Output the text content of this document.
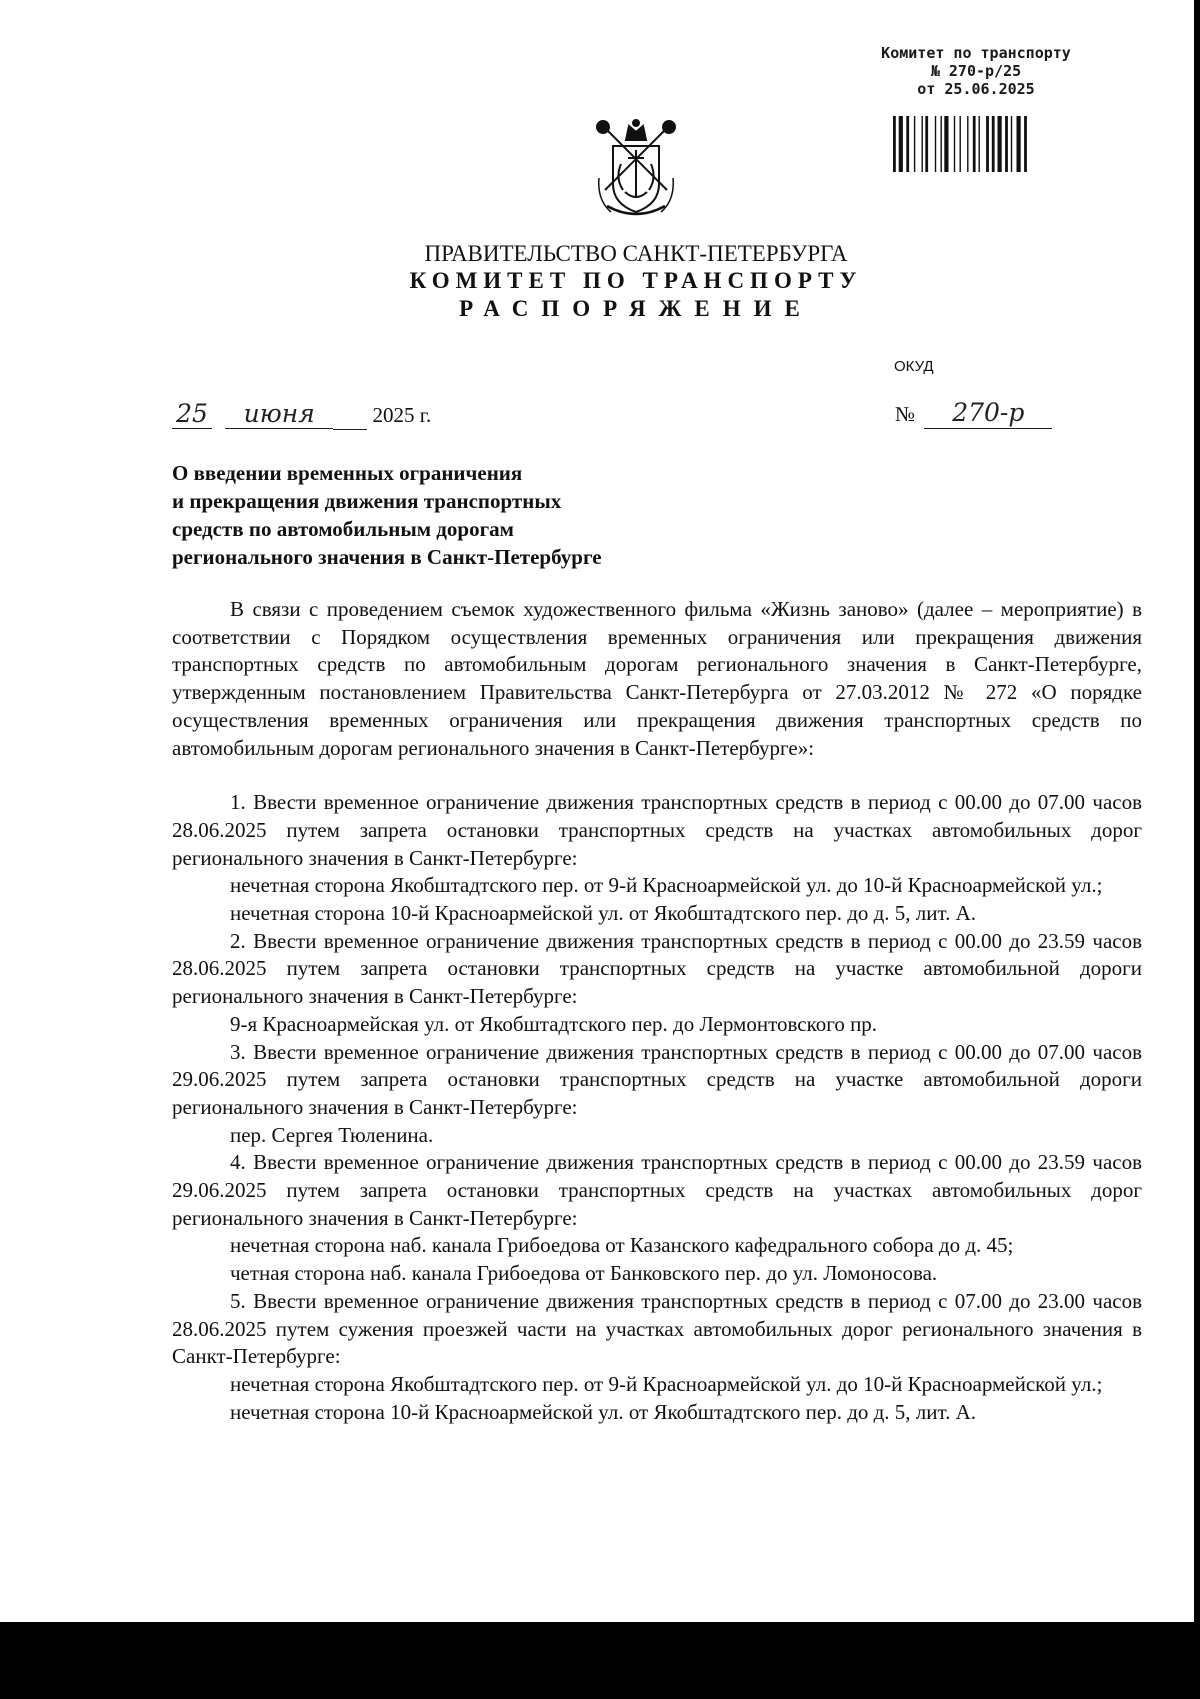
Комитет по транспорту
№ 270-р/25
от 25.06.2025
ПРАВИТЕЛЬСТВО САНКТ-ПЕТЕРБУРГА
КОМИТЕТ ПО ТРАНСПОРТУ
РАСПОРЯЖЕНИЕ
ОКУД
25 июня	2025 г.	№ 270-р
О введении временных ограничения
и прекращения движения транспортных
средств по автомобильным дорогам
регионального значения в Санкт-Петербурге

В связи с проведением съемок художественного фильма «Жизнь заново» (далее – мероприятие) в соответствии с Порядком осуществления временных ограничения или прекращения движения транспортных средств по автомобильным дорогам регионального значения в Санкт-Петербурге, утвержденным постановлением Правительства Санкт-Петербурга от 27.03.2012 № 272 «О порядке осуществления временных ограничения или прекращения движения транспортных средств по автомобильным дорогам регионального значения в Санкт-Петербурге»:

1. Ввести временное ограничение движения транспортных средств в период с 00.00 до 07.00 часов 28.06.2025 путем запрета остановки транспортных средств на участках автомобильных дорог регионального значения в Санкт-Петербурге:

нечетная сторона Якобштадтского пер. от 9-й Красноармейской ул. до 10-й Красноармейской ул.;

нечетная сторона 10-й Красноармейской ул. от Якобштадтского пер. до д. 5, лит. А.

2. Ввести временное ограничение движения транспортных средств в период с 00.00 до 23.59 часов 28.06.2025 путем запрета остановки транспортных средств на участке автомобильной дороги регионального значения в Санкт-Петербурге:

9-я Красноармейская ул. от Якобштадтского пер. до Лермонтовского пр.

3. Ввести временное ограничение движения транспортных средств в период с 00.00 до 07.00 часов 29.06.2025 путем запрета остановки транспортных средств на участке автомобильной дороги регионального значения в Санкт-Петербурге:

пер. Сергея Тюленина.

4. Ввести временное ограничение движения транспортных средств в период с 00.00 до 23.59 часов 29.06.2025 путем запрета остановки транспортных средств на участках автомобильных дорог регионального значения в Санкт-Петербурге:

нечетная сторона наб. канала Грибоедова от Казанского кафедрального собора до д. 45;

четная сторона наб. канала Грибоедова от Банковского пер. до ул. Ломоносова.

5. Ввести временное ограничение движения транспортных средств в период с 07.00 до 23.00 часов 28.06.2025 путем сужения проезжей части на участках автомобильных дорог регионального значения в Санкт-Петербурге:

нечетная сторона Якобштадтского пер. от 9-й Красноармейской ул. до 10-й Красноармейской ул.;

нечетная сторона 10-й Красноармейской ул. от Якобштадтского пер. до д. 5, лит. А.
